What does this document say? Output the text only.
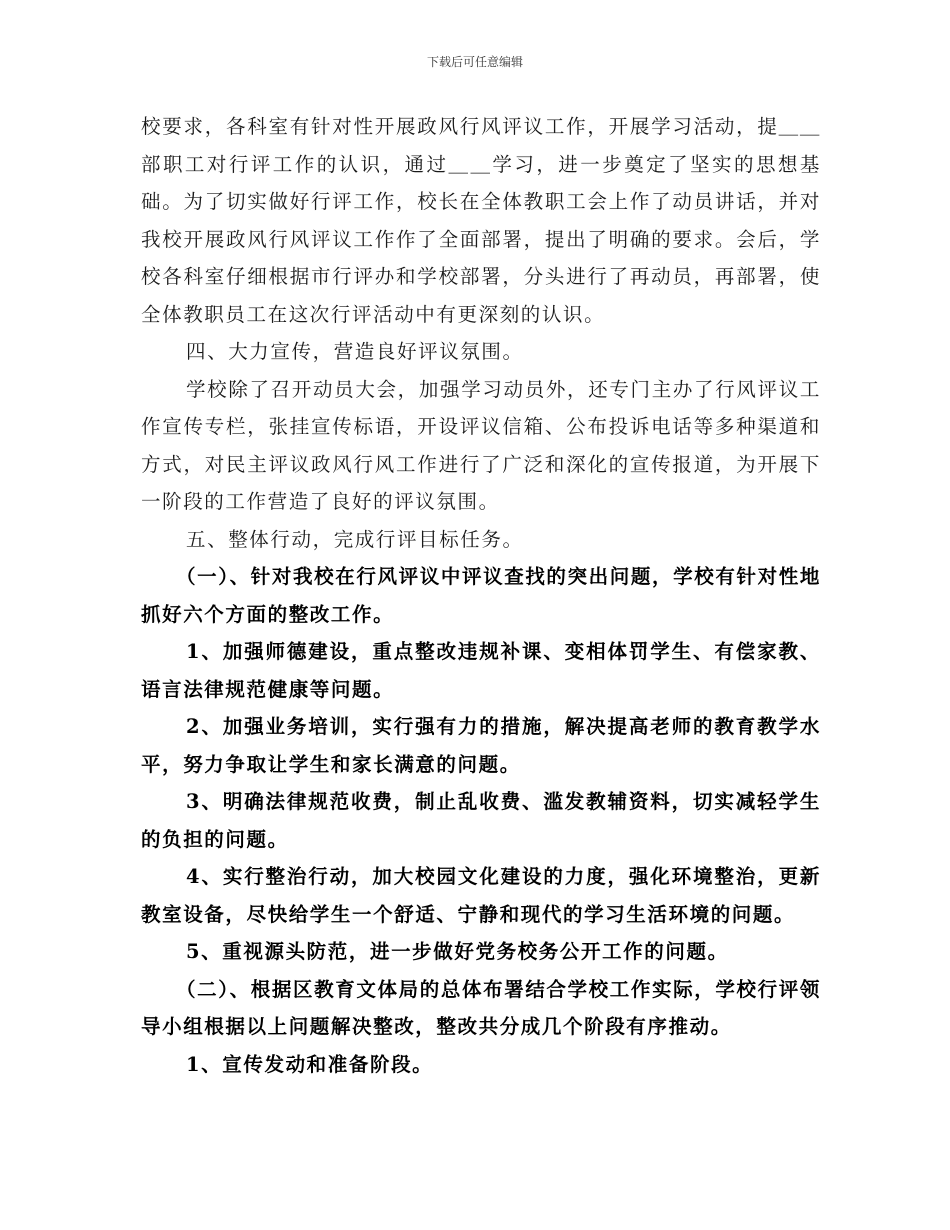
下载后可任意编辑

校要求，各科室有针对性开展政风行风评议工作，开展学习活动，提＿＿部职工对行评工作的认识，通过＿＿学习，进一步奠定了坚实的思想基础。为了切实做好行评工作，校长在全体教职工会上作了动员讲话，并对我校开展政风行风评议工作作了全面部署，提出了明确的要求。会后，学校各科室仔细根据市行评办和学校部署，分头进行了再动员，再部署，使全体教职员工在这次行评活动中有更深刻的认识。

四、大力宣传，营造良好评议氛围。

学校除了召开动员大会，加强学习动员外，还专门主办了行风评议工作宣传专栏，张挂宣传标语，开设评议信箱、公布投诉电话等多种渠道和方式，对民主评议政风行风工作进行了广泛和深化的宣传报道，为开展下一阶段的工作营造了良好的评议氛围。

五、整体行动，完成行评目标任务。

（一）、针对我校在行风评议中评议查找的突出问题，学校有针对性地抓好六个方面的整改工作。

1、加强师德建设，重点整改违规补课、变相体罚学生、有偿家教、语言法律规范健康等问题。

2、加强业务培训，实行强有力的措施，解决提高老师的教育教学水平，努力争取让学生和家长满意的问题。

3、明确法律规范收费，制止乱收费、滥发教辅资料，切实减轻学生的负担的问题。

4、实行整治行动，加大校园文化建设的力度，强化环境整治，更新教室设备，尽快给学生一个舒适、宁静和现代的学习生活环境的问题。

5、重视源头防范，进一步做好党务校务公开工作的问题。

（二）、根据区教育文体局的总体布署结合学校工作实际，学校行评领导小组根据以上问题解决整改，整改共分成几个阶段有序推动。

1、宣传发动和准备阶段。
